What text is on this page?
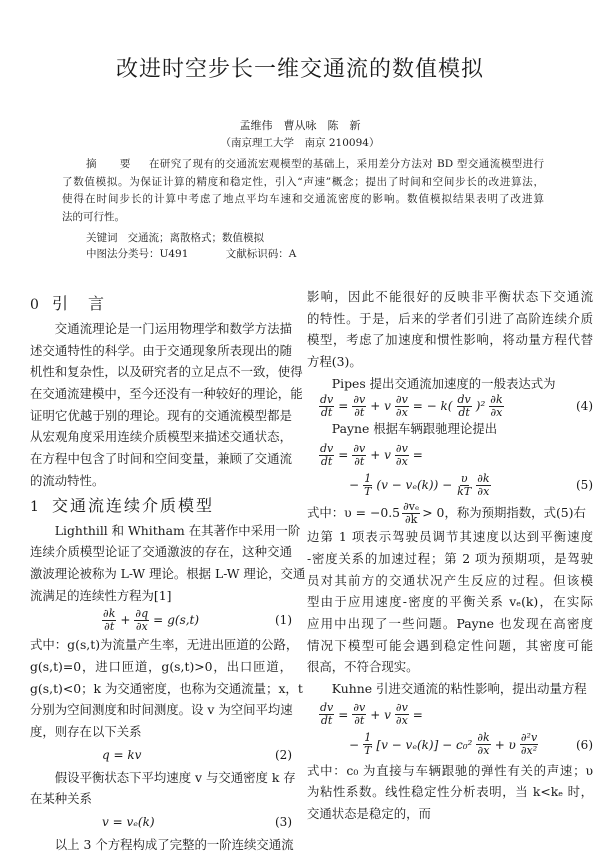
改进时空步长一维交通流的数值模拟
孟维伟　曹从咏　陈　新
（南京理工大学　南京 210094）
摘　要 在研究了现有的交通流宏观模型的基础上，采用差分方法对 BD 型交通流模型进行
了数值模拟。为保证计算的精度和稳定性，引入“声速”概念；提出了时间和空间步长的改进算法，
使得在时间步长的计算中考虑了地点平均车速和交通流密度的影响。数值模拟结果表明了改进算
法的可行性。
关键词 交通流；离散格式；数值模拟
中图法分类号：U491	文献标识码：A
0 引　言
交通流理论是一门运用物理学和数学方法描
述交通特性的科学。由于交通现象所表现出的随
机性和复杂性，以及研究者的立足点不一致，使得
在交通流建模中，至今还没有一种较好的理论，能
证明它优越于别的理论。现有的交通流模型都是
从宏观角度采用连续介质模型来描述交通状态，
在方程中包含了时间和空间变量，兼顾了交通流
的流动特性。
1 交通流连续介质模型
Lighthill 和 Whitham 在其著作中采用一阶
连续介质模型论证了交通激波的存在，这种交通
激波理论被称为 L-W 理论。根据 L-W 理论，交通
流满足的连续性方程为[1]
$\frac{\partial k}{\partial t} + \frac{\partial q}{\partial x} = g(s,t)$	(1)
式中：g(s,t)为流量产生率，无进出匝道的公路，
g(s,t)=0，进口匝道，g(s,t)>0，出口匝道，
g(s,t)<0；k 为交通密度，也称为交通流量；x，t
分别为空间测度和时间测度。设 v 为空间平均速
度，则存在以下关系
q = kv	(2)
假设平衡状态下平均速度 v 与交通密度 k 存
在某种关系
v = vₑ(k)	(3)
以上 3 个方程构成了完整的一阶连续交通流
影响，因此不能很好的反映非平衡状态下交通流
的特性。于是，后来的学者们引进了高阶连续介质
模型，考虑了加速度和惯性影响，将动量方程代替
方程(3)。
Pipes 提出交通流加速度的一般表达式为
$\frac{dv}{dt} = \frac{\partial v}{\partial t} + v \frac{\partial v}{\partial x}$ = − $k( \frac{dv}{dt} )^2 \frac{\partial k}{\partial x}$	(4)
Payne 根据车辆跟驰理论提出
$\frac{dv}{dt} = \frac{\partial v}{\partial t} + v \frac{\partial v}{\partial x}$ =
− $\frac{1}{T} (v - v_e(k)) - \frac{\upsilon}{kT} \frac{\partial k}{\partial x}$	(5)
式中：$\upsilon = -0.5 \frac{\text{∂vₑ}}{\partial k} > 0$，称为预期指数，式(5)右
边第 1 项表示驾驶员调节其速度以达到平衡速度
-密度关系的加速过程；第 2 项为预期项，是驾驶
员对其前方的交通状况产生反应的过程。但该模
型由于应用速度-密度的平衡关系 vₑ(k)，在实际
应用中出现了一些问题。Payne 也发现在高密度
情况下模型可能会遇到稳定性问题，其密度可能
很高，不符合现实。
Kuhne 引进交通流的粘性影响，提出动量方程
$\frac{dv}{dt} = \frac{\partial v}{\partial t} + v \frac{\partial v}{\partial x}$ =
− $\frac{1}{T} [v - v_e(k)] - c_0^2 \frac{\partial k}{\partial x} + \upsilon \frac{\text{∂²v}}{\text{∂x²}}$	(6)
式中：c₀ 为直接与车辆跟驰的弹性有关的声速；υ
为粘性系数。线性稳定性分析表明，当 k<kₑ 时，
交通状态是稳定的，而
